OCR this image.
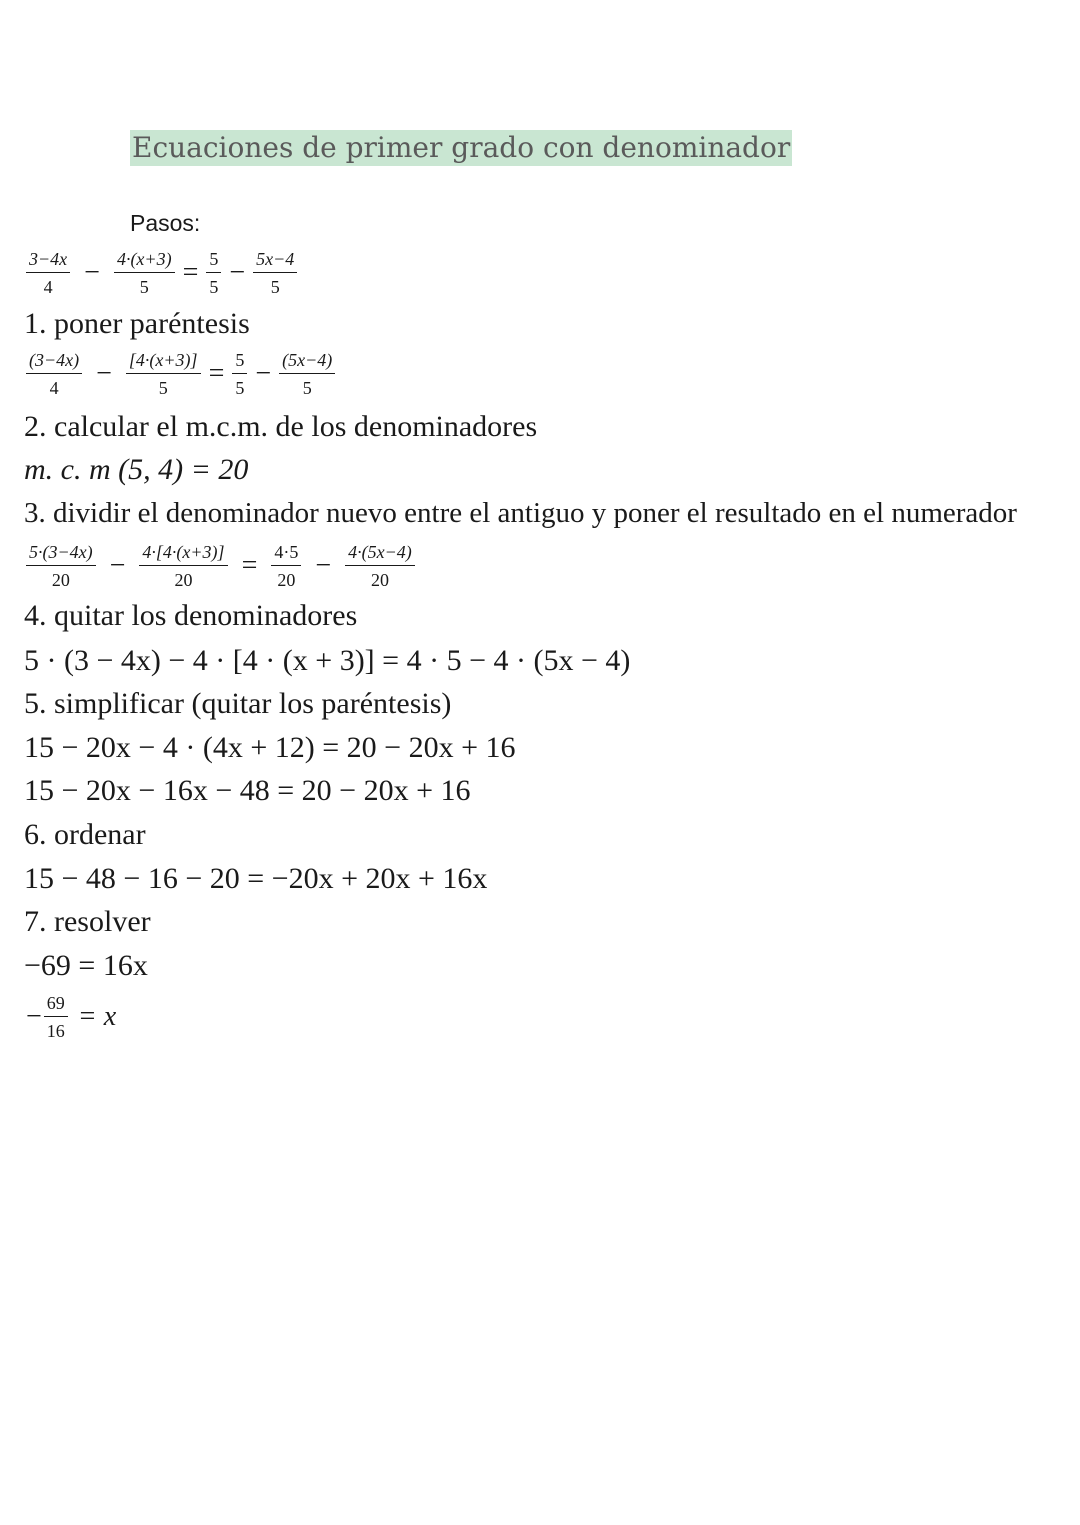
Ecuaciones de primer grado con denominador
Pasos:
$\frac{3-4x}{4} - \frac{4\cdot(x+3)}{5} = \frac{5}{5} - \frac{5x-4}{5}$
1. poner paréntesis
$\frac{(3-4x)}{4} - \frac{[4\cdot(x+3)]}{5} = \frac{5}{5} - \frac{(5x-4)}{5}$
2. calcular el m.c.m. de los denominadores
m. c. m (5, 4) = 20
3. dividir el denominador nuevo entre el antiguo y poner el resultado en el numerador
$\frac{5\cdot(3-4x)}{20} - \frac{4\cdot[4\cdot(x+3)]}{20} = \frac{4\cdot 5}{20} - \frac{4\cdot(5x-4)}{20}$
4. quitar los denominadores
5 · (3 − 4x) − 4 · [4 · (x + 3)] = 4 · 5 − 4 · (5x − 4)
5. simplificar (quitar los paréntesis)
15 − 20x − 4 · (4x + 12) = 20 − 20x + 16
15 − 20x − 16x − 48 = 20 − 20x + 16
6. ordenar
15 − 48 − 16 − 20 = −20x + 20x + 16x
7. resolver
−69 = 16x
− $\frac{69}{16} = x$
